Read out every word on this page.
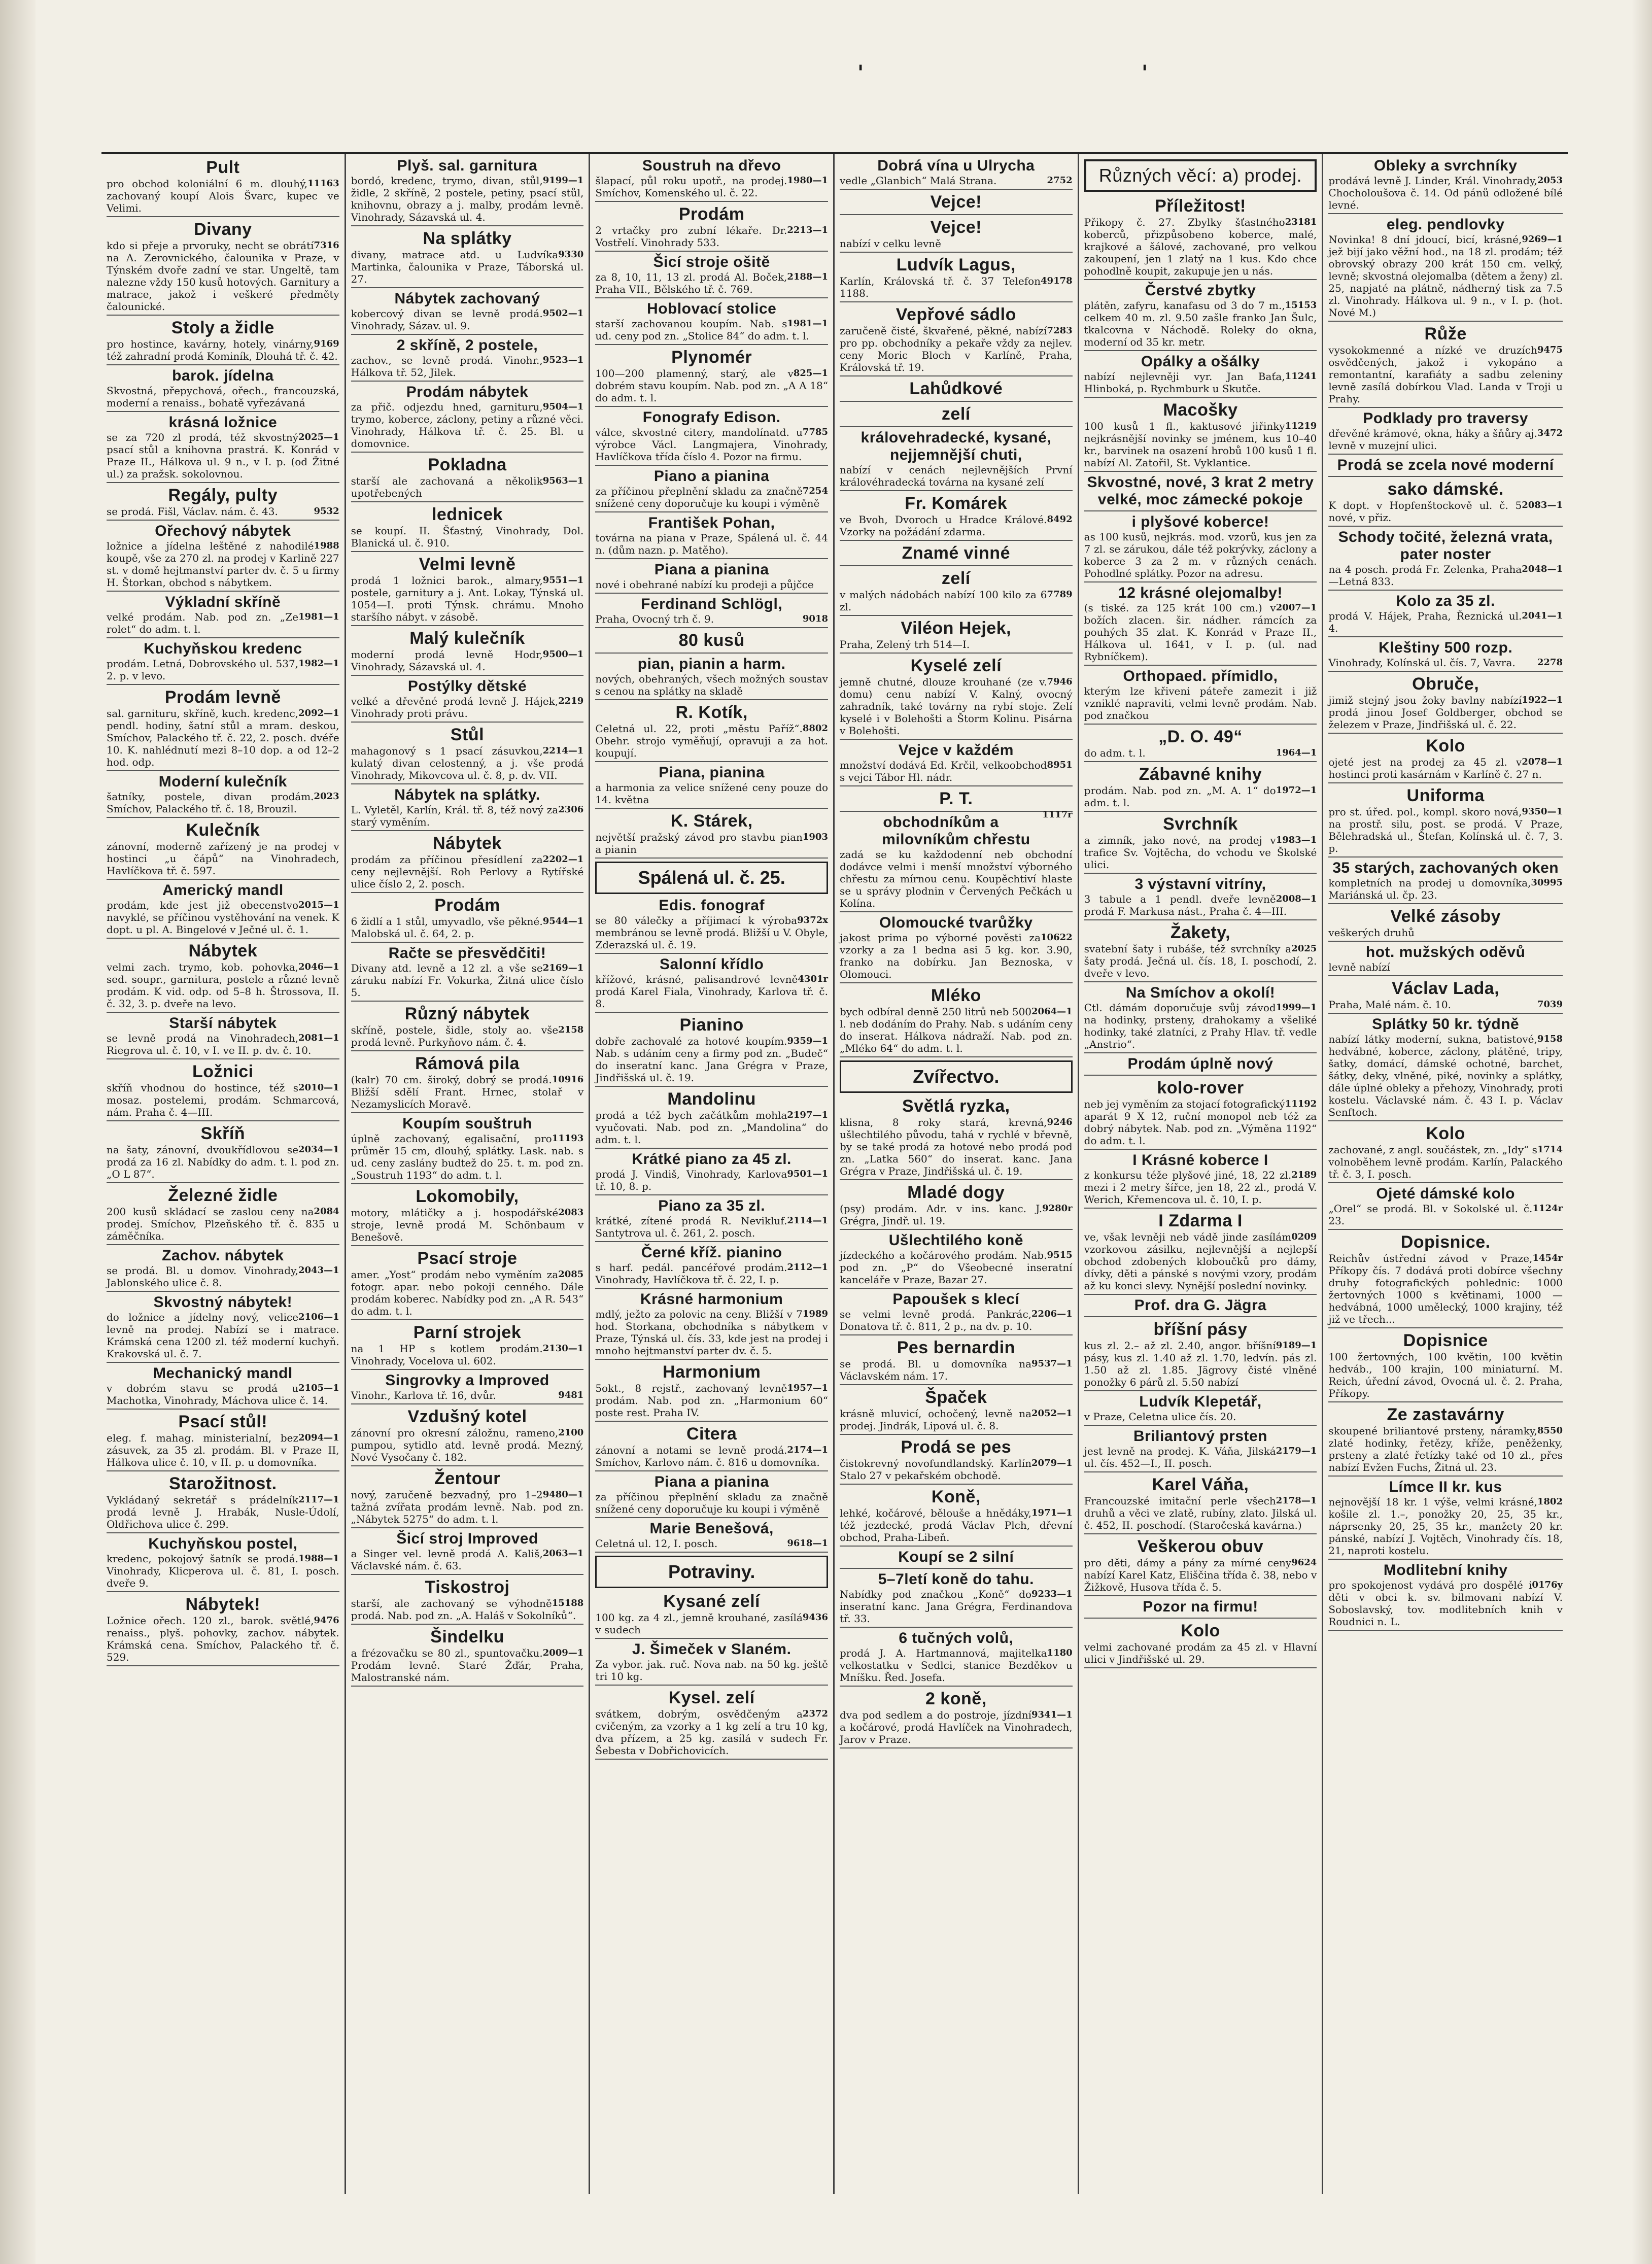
'	'
Pult
11163
pro obchod koloniální 6 m. dlouhý, zachovaný koupí Alois Švarc, kupec ve Velimi.
Divany
7316
kdo si přeje a prvoruky, necht se obrátí na A. Zerovnického, čalounika v Praze, v Týnském dvoře zadní ve star. Ungeltě, tam nalezne vždy 150 kusů hotových. Garnitury a matrace, jakož i veškeré předměty čalounické.
Stoly a židle
9169
pro hostince, kavárny, hotely, vinárny, též zahradní prodá Kominík, Dlouhá tř. č. 42.
barok. jídelna
Skvostná, přepychová, ořech., francouzská, moderní a renaiss., bohatě vyřezávaná
krásná ložnice
2025—1
se za 720 zl prodá, též skvostný psací stůl a knihovna prastrá. K. Konrád v Praze II., Hálkova ul. 9 n., v I. p. (od Žitné ul.) za pražsk. sokolovnou.
Regály, pulty
9532
se prodá. Fišl, Václav. nám. č. 43.
Ořechový nábytek
1988
ložnice a jídelna leštěné z nahodilé koupě, vše za 270 zl. na prodej v Karlině 227 st. v domě hejtmanství parter dv. č. 5 u firmy H. Štorkan, obchod s nábytkem.
Výkladní skříně
1981—1
velké prodám. Nab. pod zn. „Ze rolet“ do adm. t. l.
Kuchyňskou kredenc
1982—1
prodám. Letná, Dobrovského ul. 537, 2. p. v levo.
Prodám levně
2092—1
sal. garnituru, skříně, kuch. kredenc, pendl. hodiny, šatní stůl a mram. deskou, Smíchov, Palackého tř. č. 22, 2. posch. dvéře 10. K. nahlédnutí mezi 8–10 dop. a od 12–2 hod. odp.
Moderní kulečník
2023
šatníky, postele, divan prodám. Smíchov, Palackého tř. č. 18, Brouzil.
Kulečník
zánovní, moderně zařízený je na prodej v hostinci „u čápů“ na Vinohradech, Havlíčkova tř. č. 597.
Americký mandl
2015—1
prodám, kde jest již obecenstvo navyklé, se příčinou vystěhování na venek. K dopt. u pl. A. Bingelové v Ječné ul. č. 1.
Nábytek
2046—1
velmi zach. trymo, kob. pohovka, sed. soupr., garnitura, postele a různé levně prodám. K vid. odp. od 5–8 h. Štrossova, II. č. 32, 3. p. dveře na levo.
Starší nábytek
2081—1
se levně prodá na Vinohradech, Riegrova ul. č. 10, v I. ve II. p. dv. č. 10.
Ložnici
2010—1
skříň vhodnou do hostince, též s mosaz. postelemi, prodám. Schmarcová, nám. Praha č. 4—III.
Skříň
2034—1
na šaty, zánovní, dvoukřídlovou se prodá za 16 zl. Nabídky do adm. t. l. pod zn. „O L 87“.
Železné židle
2084
200 kusů skládací se zaslou ceny na prodej. Smíchov, Plzeňského tř. č. 835 u záměčníka.
Zachov. nábytek
2043—1
se prodá. Bl. u domov. Vinohrady, Jablonského ulice č. 8.
Skvostný nábytek!
2106—1
do ložnice a jídelny nový, velice levně na prodej. Nabízí se i matrace. Krámská cena 1200 zl. též moderní kuchyň. Krakovská ul. č. 7.
Mechanický mandl
2105—1
v dobrém stavu se prodá u Machotka, Vinohrady, Máchova ulice č. 14.
Psací stůl!
2094—1
eleg. f. mahag. ministerialní, bez zásuvek, za 35 zl. prodám. Bl. v Praze II, Hálkova ulice č. 10, v II. p. u domovníka.
Starožitnost.
2117—1
Vykládaný sekretář s prádelník prodá levně J. Hrabák, Nusle-Údolí, Oldřichova ulice č. 299.
Kuchyňskou postel,
1988—1
kredenc, pokojový šatník se prodá. Vinohrady, Klicperova ul. č. 81, I. posch. dveře 9.
Nábytek!
9476
Ložnice ořech. 120 zl., barok. světlé, renaiss., plyš. pohovky, zachov. nábytek. Krámská cena. Smíchov, Palackého tř. č. 529.
Plyš. sal. garnitura
9199—1
bordó, kredenc, trymo, divan, stůl, židle, 2 skříně, 2 postele, petiny, psací stůl, knihovnu, obrazy a j. malby, prodám levně. Vinohrady, Sázavská ul. 4.
Na splátky
9330
divany, matrace atd. u Ludvíka Martinka, čalounika v Praze, Táborská ul. 27.
Nábytek zachovaný
9502—1
kobercový divan se levně prodá. Vinohrady, Sázav. ul. 9.
2 skříně, 2 postele,
9523—1
zachov., se levně prodá. Vinohr., Hálkova tř. 52, Jilek.
Prodám nábytek
9504—1
za přič. odjezdu hned, garnituru, trymo, koberce, záclony, petiny a různé věci. Vinohrady, Hálkova tř. č. 25. Bl. u domovnice.
Pokladna
9563—1
starší ale zachovaná a několik upotřebených
lednicek
se koupí. II. Šťastný, Vinohrady, Dol. Blanická ul. č. 910.
Velmi levně
9551—1
prodá 1 ložnici barok., almary, postele, garnitury a j. Ant. Lokay, Týnská ul. 1054—I. proti Týnsk. chrámu. Mnoho staršího nábyt. v zásobě.
Malý kulečník
9500—1
moderní prodá levně Hodr, Vinohrady, Sázavská ul. 4.
Postýlky dětské
2219
velké a dřevěné prodá levně J. Hájek, Vinohrady proti právu.
Stůl
2214—1
mahagonový s 1 psací zásuvkou, kulatý divan celostenný, a j. vše prodá Vinohrady, Mikovcova ul. č. 8, p. dv. VII.
Nábytek na splátky.
2306
L. Vyletěl, Karlín, Král. tř. 8, též nový za starý vyměním.
Nábytek
2202—1
prodám za příčinou přesídlení za ceny nejlevnější. Roh Perlovy a Rytířské ulice číslo 2, 2. posch.
Prodám
9544—1
6 židlí a 1 stůl, umyvadlo, vše pěkné. Malobská ul. č. 64, 2. p.
Račte se přesvědčiti!
2169—1
Divany atd. levně a 12 zl. a vše se záruku nabízí Fr. Vokurka, Žitná ulice číslo 5.
Různý nábytek
2158
skříně, postele, šidle, stoly ao. vše prodá levně. Purkyňovo nám. č. 4.
Rámová pila
10916
(kalr) 70 cm. široký, dobrý se prodá. Bližší sdělí Frant. Hrnec, stolař v Nezamyslicích Moravě.
Koupím souštruh
11193
úplně zachovaný, egalisační, pro průměr 15 cm, dlouhý, splátky. Lask. nab. s ud. ceny zaslány budtež do 25. t. m. pod zn. „Soustruh 1193“ do adm. t. l.
Lokomobily,
2083
motory, mlátičky a j. hospodářské stroje, levně prodá M. Schönbaum v Benešově.
Psací stroje
2085
amer. „Yost“ prodám nebo vyměním za fotogr. apar. nebo pokoji cenného. Dále prodám koberec. Nabídky pod zn. „A R. 543“ do adm. t. l.
Parní strojek
2130—1
na 1 HP s kotlem prodám. Vinohrady, Vocelova ul. 602.
Singrovky a Improved
9481
Vinohr., Karlova tř. 16, dvůr.
Vzdušný kotel
2100
zánovní pro okresní záložnu, rameno, pumpou, sytidlo atd. levně prodá. Mezný, Nové Vysočany č. 182.
Žentour
9480—1
nový, zaručeně bezvadný, pro 1–2 tažná zvířata prodám levně. Nab. pod zn. „Nábytek 5275“ do adm. t. l.
Šicí stroj Improved
2063—1
a Singer vel. levně prodá A. Kališ, Václavské nám. č. 63.
Tiskostroj
15188
starší, ale zachovaný se výhodně prodá. Nab. pod zn. „A. Haláš v Sokolníků“.
Šindelku
2009—1
a frézovačku se 80 zl., spuntovačku. Prodám levně. Staré Žďár, Praha, Malostranské nám.
Soustruh na dřevo
1980—1
šlapací, půl roku upotř., na prodej. Smíchov, Komenského ul. č. 22.
Prodám
2213—1
2 vrtačky pro zubní lékaře. Dr. Vostřelí. Vinohrady 533.
Šicí stroje ošitě
2188—1
za 8, 10, 11, 13 zl. prodá Al. Boček, Praha VII., Bělského tř. č. 769.
Hoblovací stolice
1981—1
starší zachovanou koupím. Nab. s ud. ceny pod zn. „Stolice 84“ do adm. t. l.
Plynomér
825—1
100—200 plamenný, starý, ale v dobrém stavu koupím. Nab. pod zn. „A A 18“ do adm. t. l.
Fonografy Edison.
7785
válce, skvostné citery, mandolínatd. u výrobce Václ. Langmajera, Vinohrady, Havlíčkova třída číslo 4. Pozor na firmu.
Piano a pianina
7254
za příčinou přeplnění skladu za značně snížené ceny doporučuje ku koupi i výměně
František Pohan,
továrna na piana v Praze, Spálená ul. č. 44 n. (dům nazn. p. Matěho).
Piana a pianina
nové i obehrané nabízí ku prodeji a půjčce
Ferdinand Schlögl,
9018
Praha, Ovocný trh č. 9.
80 kusů
pian, pianin a harm.
nových, obehraných, všech možných soustav s cenou na splátky na skladě
R. Kotík,
8802
Celetná ul. 22, proti „městu Paříž“. Obehr. strojo vyměňují, opravuji a za hot. koupují.
Piana, pianina
a harmonia za velice snížené ceny pouze do 14. května
K. Stárek,
1903
největší pražský závod pro stavbu pian a pianin
Spálená ul. č. 25.
Edis. fonograf
9372x
se 80 válečky a příjimací k výroba membránou se levně prodá. Bližší u V. Obyle, Zderazská ul. č. 19.
Salonní křídlo
4301r
křížové, krásné, palisandrové levně prodá Karel Fiala, Vinohrady, Karlova tř. č. 8.
Pianino
9359—1
dobře zachovalé za hotové koupím. Nab. s udáním ceny a firmy pod zn. „Budeč“ do inseratní kanc. Jana Grégra v Praze, Jindřišská ul. č. 19.
Mandolinu
2197—1
prodá a též bych začátkům mohla vyučovati. Nab. pod zn. „Mandolina“ do adm. t. l.
Krátké piano za 45 zl.
9501—1
prodá J. Vindiš, Vinohrady, Karlova tř. 10, 8. p.
Piano za 35 zl.
2114—1
krátké, zítené prodá R. Nevikluf. Santytrova ul. č. 261, 2. posch.
Černé kříž. pianino
2112—1
s harf. pedál. pancéřové prodám. Vinohrady, Havlíčkova tř. č. 22, I. p.
Krásné harmonium
1989
mdlý, ježto za polovic na ceny. Bližší v 7 hod. Storkana, obchodníka s nábytkem v Praze, Týnská ul. čís. 33, kde jest na prodej i mnoho hejtmanství parter dv. č. 5.
Harmonium
1957—1
5okt., 8 rejstř., zachovaný levně prodám. Nab. pod zn. „Harmonium 60“ poste rest. Praha IV.
Citera
2174—1
zánovní a notami se levně prodá. Smíchov, Karlovo nám. č. 816 u domovníka.
Piana a pianina
za příčinou přeplnění skladu za značně snížené ceny doporučuje ku koupi i výměně
Marie Benešová,
9618—1
Celetná ul. 12, I. posch.
Potraviny.
Kysané zelí
9436
100 kg. za 4 zl., jemně krouhané, zasílá v sudech
J. Šimeček v Slaném.
Za vybor. jak. ruč. Nova nab. na 50 kg. ještě tri 10 kg.
Kysel. zelí
2372
svátkem, dobrým, osvědčeným a cvičeným, za vzorky a 1 kg zelí a tru 10 kg, dva přízem, a 25 kg. zasílá v sudech Fr. Šebesta v Dobřichovicích.
Dobrá vína u Ulrycha
2752
vedle „Glanbich“ Malá Strana.
Vejce!
Vejce!
nabízí v celku levně
Ludvík Lagus,
49178
Karlín, Královská tř. č. 37 Telefon 1188.
Vepřové sádlo
7283
zaručeně čisté, škvařené, pěkné, nabízí pro pp. obchodníky a pekaře vždy za nejlev. ceny Moric Bloch v Karlíně, Praha, Královská tř. 19.
Lahůdkové
zelí
královehradecké, kysané, nejjemnější chuti,
nabízí v cenách nejlevnějších První královéhradecká továrna na kysané zelí
Fr. Komárek
8492
ve Bvoh, Dvoroch u Hradce Králové. Vzorky na požádání zdarma.
Znamé vinné
zelí
7789
v malých nádobách nabízí 100 kilo za 6 zl.
Viléon Hejek,
Praha, Zelený trh 514—I.
Kyselé zelí
7946
jemně chutné, dlouze krouhané (ze v. domu) cenu nabízí V. Kalný, ovocný zahradník, také továrny na rybí stoje. Zelí kyselé i v Bolehošti a Štorm Kolinu. Pisárna v Bolehošti.
Vejce v každém
8951
množství dodává Ed. Krčil, velkoobchod s vejci Tábor Hl. nádr.
P. T.
1117r
obchodníkům a milovníkům chřestu
zadá se ku každodenní neb obchodní dodávce velmi i menší množství výborného chřestu za mírnou cenu. Koupěchtiví hlaste se u správy plodnin v Červených Pečkách u Kolína.
Olomoucké tvarůžky
10622
jakost prima po výborné pověsti za vzorky a za 1 bedna asi 5 kg. kor. 3.90, franko na dobírku. Jan Beznoska, v Olomouci.
Mléko
2064—1
bych odbíral denně 250 litrů neb 500 l. neb dodáním do Prahy. Nab. s udáním ceny do inserat. Hálkova nádraží. Nab. pod zn. „Mléko 64“ do adm. t. l.
Zvířectvo.
Světlá ryzka,
9246
klisna, 8 roky stará, krevná, ušlechtilého původu, tahá v rychlé v břevně, by se také prodá za hotové nebo prodá pod zn. „Latka 560“ do inserat. kanc. Jana Grégra v Praze, Jindřišská ul. č. 19.
Mladé dogy
9280r
(psy) prodám. Adr. v ins. kanc. J. Grégra, Jindř. ul. 19.
Ušlechtilého koně
9515
jízdeckého a kočárového prodám. Nab. pod zn. „P“ do Všeobecné inseratní kanceláře v Praze, Bazar 27.
Papoušek s klecí
2206—1
se velmi levně prodá. Pankrác, Donatova tř. č. 811, 2 p., na dv. p. 10.
Pes bernardin
9537—1
se prodá. Bl. u domovníka na Václavském nám. 17.
Špaček
2052—1
krásně mluvicí, ochočený, levně na prodej. Jindrák, Lipová ul. č. 8.
Prodá se pes
2079—1
čistokrevný novofundlandský. Karlín Stalo 27 v pekařském obchodě.
Koně,
1971—1
lehké, kočárové, bělouše a hnědáky, též jezdecké, prodá Václav Plch, dřevní obchod, Praha-Libeň.
Koupí se 2 silní
5–7letí koně do tahu.
9233—1
Nabídky pod značkou „Koně“ do inseratní kanc. Jana Grégra, Ferdinandova tř. 33.
6 tučných volů,
1180
prodá J. A. Hartmannová, majitelka velkostatku v Sedlci, stanice Bezděkov u Mníšku. Řed. Josefa.
2 koně,
9341—1
dva pod sedlem a do postroje, jízdní a kočárové, prodá Havlíček na Vinohradech, Jarov v Praze.
Různých věcí: a) prodej.
Příležitost!
23181
Přikopy č. 27. Zbylky šťastného koberců, přizpůsobeno koberce, malé, krajkové a šálové, zachované, pro velkou zakoupení, jen 1 zlatý na 1 kus. Kdo chce pohodlně koupit, zakupuje jen u nás.
Čerstvé zbytky
15153
plátěn, zafyru, kanafasu od 3 do 7 m., celkem 40 m. zl. 9.50 zašle franko Jan Šulc, tkalcovna v Náchodě. Roleky do okna, moderní od 35 kr. metr.
Opálky a ošálky
11241
nabízí nejlevněji vyr. Jan Baťa, Hlinboká, p. Rychmburk u Skutče.
Macošky
11219
100 kusů 1 fl., kaktusové jiřinky nejkrásnější novinky se jménem, kus 10–40 kr., barvinek na osazení hrobů 100 kusů 1 fl. nabízí Al. Zatořil, St. Vyklantice.
Skvostné, nové, 3 krat 2 metry velké, moc zámecké pokoje
i plyšové koberce!
as 100 kusů, nejkrás. mod. vzorů, kus jen za 7 zl. se zárukou, dále též pokrývky, záclony a koberce 3 za 2 m. v různých cenách. Pohodlné splátky. Pozor na adresu.
12 krásné olejomalby!
2007—1
(s tiské. za 125 krát 100 cm.) v božích zlacen. šir. nádher. rámcích za pouhých 35 zlat. K. Konrád v Praze II., Hálkova ul. 1641, v I. p. (ul. nad Rybníčkem).
Orthopaed. přímidlo,
kterým lze křiveni páteře zamezit i již vzniklé napraviti, velmi levně prodám. Nab. pod značkou
„D. O. 49“
1964—1
do adm. t. l.
Zábavné knihy
1972—1
prodám. Nab. pod zn. „M. A. 1“ do adm. t. l.
Svrchník
1983—1
a zimník, jako nové, na prodej v trafice Sv. Vojtěcha, do vchodu ve Školské ulici.
3 výstavní vitríny,
2008—1
3 tabule a 1 pendl. dveře levně prodá F. Markusa nást., Praha č. 4—III.
Žakety,
2025
svatební šaty i rubáše, též svrchníky a šaty prodá. Ječná ul. čís. 18, I. poschodí, 2. dveře v levo.
Na Smíchov a okolí!
1999—1
Ctl. dámám doporučuje svůj závod na hodinky, prsteny, drahokamy a všeliké hodinky, také zlatníci, z Prahy Hlav. tř. vedle „Anstrio“.
Prodám úplně nový
kolo-rover
11192
neb jej vyměním za stojací fotografický aparát 9 X 12, ruční monopol neb též za dobrý nábytek. Nab. pod zn. „Výměna 1192“ do adm. t. l.
I Krásné koberce I
2189
z konkursu téže plyšové jiné, 18, 22 zl. mezi i 2 metry šířce, jen 18, 22 zl., prodá V. Werich, Křemencova ul. č. 10, I. p.
I Zdarma I
0209
ve, však levněji neb vádě jinde zasílám vzorkovou zásilku, nejlevnější a nejlepší obchod zdobených kloboučků pro dámy, dívky, děti a pánské s novými vzory, prodám až ku konci slevy. Nynější poslední novinky.
Prof. dra G. Jägra
bříšní pásy
9189—1
kus zl. 2.– až zl. 2.40, angor. bříšní pásy, kus zl. 1.40 až zl. 1.70, ledvín. pás zl. 1.50 až zl. 1.85. Jägrovy čisté vlněné ponožky 6 párů zl. 5.50 nabízí
Ludvík Klepetář,
v Praze, Celetna ulice čís. 20.
Briliantový prsten
2179—1
jest levně na prodej. K. Váňa, Jilská ul. čís. 452—I., II. posch.
Karel Váňa,
2178—1
Francouzské imitační perle všech druhů a věci ve zlatě, rubíny, zlato. Jilská ul. č. 452, II. poschodí. (Staročeská kavárna.)
Veškerou obuv
9624
pro děti, dámy a pány za mírné ceny nabízí Karel Katz, Eliščina třída č. 38, nebo v Žižkově, Husova třída č. 5.
Pozor na firmu!
Kolo
velmi zachované prodám za 45 zl. v Hlavní ulici v Jindřišské ul. 29.
Obleky a svrchníky
2053
prodává levně J. Linder, Král. Vinohrady, Chocholoušova č. 14. Od pánů odložené bílé levné.
eleg. pendlovky
9269—1
Novinka! 8 dní jdoucí, bicí, krásné, jež bijí jako věžní hod., na 18 zl. prodám; též obrovský obrazy 200 krát 150 cm. velký, levně; skvostná olejomalba (dětem a ženy) zl. 25, napjaté na plátně, nádherný tisk za 7.5 zl. Vinohrady. Hálkova ul. 9 n., v I. p. (hot. Nové M.)
Růže
9475
vysokokmenné a nízké ve druzích osvědčených, jakož i vykopáno a remontantní, karafiáty a sadbu zeleniny levně zasílá dobírkou Vlad. Landa v Troji u Prahy.
Podklady pro traversy
3472
dřevěné krámové, okna, háky a šňůry aj. levně v muzejní ulici.
Prodá se zcela nové moderní
sako dámské.
2083—1
K dopt. v Hopfenštockově ul. č. 5 nové, v přiz.
Schody točité, železná vrata, pater noster
2048—1
na 4 posch. prodá Fr. Zelenka, Praha—Letná 833.
Kolo za 35 zl.
2041—1
prodá V. Hájek, Praha, Řeznická ul. 4.
Kleštiny 500 rozp.
2278
Vinohrady, Kolínská ul. čís. 7, Vavra.
Obruče,
1922—1
jimiž stejný jsou žoky bavlny nabízí prodá jinou Josef Goldberger, obchod se železem v Praze, Jindřišská ul. č. 22.
Kolo
2078—1
ojeté jest na prodej za 45 zl. v hostinci proti kasárnám v Karlíně č. 27 n.
Uniforma
9350—1
pro st. úřed. pol., kompl. skoro nová, na prostř. silu, post. se prodá. V Praze, Bělehradská ul., Štefan, Kolínská ul. č. 7, 3. p.
35 starých, zachovaných oken
30995
kompletních na prodej u domovníka, Mariánská ul. čp. 23.
Velké zásoby
veškerých druhů
hot. mužských oděvů
levně nabízí
Václav Lada,
7039
Praha, Malé nám. č. 10.
Splátky 50 kr. týdně
9158
nabízí látky moderní, sukna, batistové, hedvábné, koberce, záclony, plátěné, tripy, šatky, domácí, dámské ochotné, barchet, šátky, deky, vlněné, piké, novinky a splátky, dále úplné obleky a přehozy, Vinohrady, proti kostelu. Václavské nám. č. 43 I. p. Václav Senftoch.
Kolo
1714
zachované, z angl. součástek, zn. „Idy“ s volnoběhem levně prodám. Karlín, Palackého tř. č. 3, I. posch.
Ojeté dámské kolo
1124r
„Orel“ se prodá. Bl. v Sokolské ul. č. 23.
Dopisnice.
1454r
Reichův ústřední závod v Praze, Příkopy čís. 7 dodává proti dobírce všechny druhy fotografických pohlednic: 1000 žertovných 1000 s květinami, 1000 — hedvábná, 1000 umělecký, 1000 krajiny, též již ve třech...
Dopisnice
100 žertovných, 100 květin, 100 květin hedváb., 100 krajin, 100 miniaturní. M. Reich, úřední závod, Ovocná ul. č. 2. Praha, Příkopy.
Ze zastavárny
8550
skoupené briliantové prsteny, náramky, zlaté hodinky, řetězy, kříže, peněženky, prsteny a zlaté řetízky také od 10 zl., přes nabízí Evžen Fuchs, Žitná ul. 23.
Límce II kr. kus
1802
nejnovější 18 kr. 1 výše, velmi krásné, košile zl. 1.–, ponožky 20, 25, 35 kr., náprsenky 20, 25, 35 kr., manžety 20 kr. pánské, nabízí J. Vojtěch, Vinohrady čís. 18, 21, naproti kostelu.
Modlitební knihy
0176y
pro spokojenost vydává pro dospělé i děti v obci k. sv. bilmovani nabízí V. Soboslavský, tov. modlitebních knih v Roudnici n. L.
